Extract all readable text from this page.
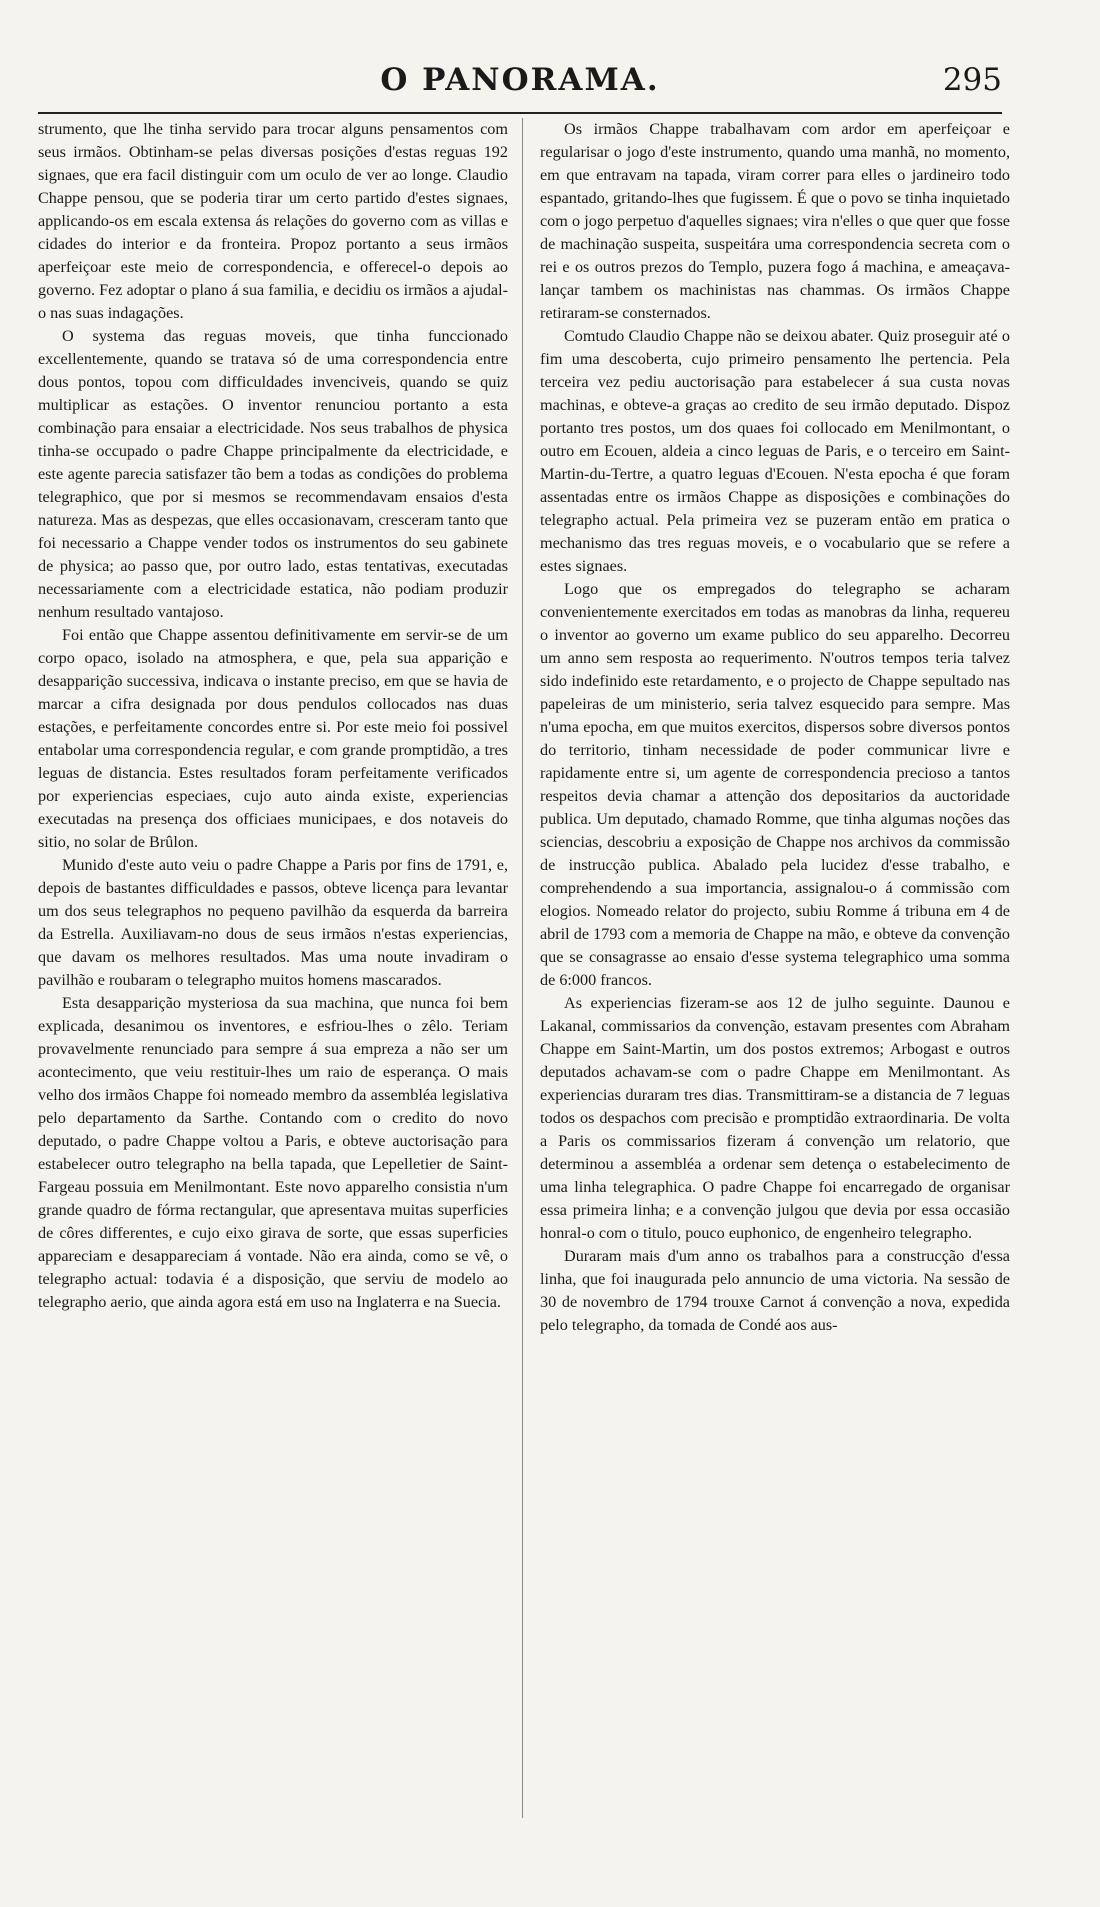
O PANORAMA.	295

strumento, que lhe tinha servido para trocar alguns pensamentos com seus irmãos. Obtinham-se pelas diversas posições d'estas reguas 192 signaes, que era facil distinguir com um oculo de ver ao longe. Claudio Chappe pensou, que se poderia tirar um certo partido d'estes signaes, applicando-os em escala extensa ás relações do governo com as villas e cidades do interior e da fronteira. Propoz portanto a seus irmãos aperfeiçoar este meio de correspondencia, e offerecel-o depois ao governo. Fez adoptar o plano á sua familia, e decidiu os irmãos a ajudal-o nas suas indagações.

O systema das reguas moveis, que tinha funccionado excellentemente, quando se tratava só de uma correspondencia entre dous pontos, topou com difficuldades invenciveis, quando se quiz multiplicar as estações. O inventor renunciou portanto a esta combinação para ensaiar a electricidade. Nos seus trabalhos de physica tinha-se occupado o padre Chappe principalmente da electricidade, e este agente parecia satisfazer tão bem a todas as condições do problema telegraphico, que por si mesmos se recommendavam ensaios d'esta natureza. Mas as despezas, que elles occasionavam, cresceram tanto que foi necessario a Chappe vender todos os instrumentos do seu gabinete de physica; ao passo que, por outro lado, estas tentativas, executadas necessariamente com a electricidade estatica, não podiam produzir nenhum resultado vantajoso.

Foi então que Chappe assentou definitivamente em servir-se de um corpo opaco, isolado na atmosphera, e que, pela sua apparição e desapparição successiva, indicava o instante preciso, em que se havia de marcar a cifra designada por dous pendulos collocados nas duas estações, e perfeitamente concordes entre si. Por este meio foi possivel entabolar uma correspondencia regular, e com grande promptidão, a tres leguas de distancia. Estes resultados foram perfeitamente verificados por experiencias especiaes, cujo auto ainda existe, experiencias executadas na presença dos officiaes municipaes, e dos notaveis do sitio, no solar de Brûlon.

Munido d'este auto veiu o padre Chappe a Paris por fins de 1791, e, depois de bastantes difficuldades e passos, obteve licença para levantar um dos seus telegraphos no pequeno pavilhão da esquerda da barreira da Estrella. Auxiliavam-no dous de seus irmãos n'estas experiencias, que davam os melhores resultados. Mas uma noute invadiram o pavilhão e roubaram o telegrapho muitos homens mascarados.

Esta desapparição mysteriosa da sua machina, que nunca foi bem explicada, desanimou os inventores, e esfriou-lhes o zêlo. Teriam provavelmente renunciado para sempre á sua empreza a não ser um acontecimento, que veiu restituir-lhes um raio de esperança. O mais velho dos irmãos Chappe foi nomeado membro da assembléa legislativa pelo departamento da Sarthe. Contando com o credito do novo deputado, o padre Chappe voltou a Paris, e obteve auctorisação para estabelecer outro telegrapho na bella tapada, que Lepelletier de Saint-Fargeau possuia em Menilmontant. Este novo apparelho consistia n'um grande quadro de fórma rectangular, que apresentava muitas superficies de côres differentes, e cujo eixo girava de sorte, que essas superficies appareciam e desappareciam á vontade. Não era ainda, como se vê, o telegrapho actual: todavia é a disposição, que serviu de modelo ao telegrapho aerio, que ainda agora está em uso na Inglaterra e na Suecia.

Os irmãos Chappe trabalhavam com ardor em aperfeiçoar e regularisar o jogo d'este instrumento, quando uma manhã, no momento, em que entravam na tapada, viram correr para elles o jardineiro todo espantado, gritando-lhes que fugissem. É que o povo se tinha inquietado com o jogo perpetuo d'aquelles signaes; vira n'elles o que quer que fosse de machinação suspeita, suspeitára uma correspondencia secreta com o rei e os outros prezos do Templo, puzera fogo á machina, e ameaçava-lançar tambem os machinistas nas chammas. Os irmãos Chappe retiraram-se consternados.

Comtudo Claudio Chappe não se deixou abater. Quiz proseguir até o fim uma descoberta, cujo primeiro pensamento lhe pertencia. Pela terceira vez pediu auctorisação para estabelecer á sua custa novas machinas, e obteve-a graças ao credito de seu irmão deputado. Dispoz portanto tres postos, um dos quaes foi collocado em Menilmontant, o outro em Ecouen, aldeia a cinco leguas de Paris, e o terceiro em Saint-Martin-du-Tertre, a quatro leguas d'Ecouen. N'esta epocha é que foram assentadas entre os irmãos Chappe as disposições e combinações do telegrapho actual. Pela primeira vez se puzeram então em pratica o mechanismo das tres reguas moveis, e o vocabulario que se refere a estes signaes.

Logo que os empregados do telegrapho se acharam convenientemente exercitados em todas as manobras da linha, requereu o inventor ao governo um exame publico do seu apparelho. Decorreu um anno sem resposta ao requerimento. N'outros tempos teria talvez sido indefinido este retardamento, e o projecto de Chappe sepultado nas papeleiras de um ministerio, seria talvez esquecido para sempre. Mas n'uma epocha, em que muitos exercitos, dispersos sobre diversos pontos do territorio, tinham necessidade de poder communicar livre e rapidamente entre si, um agente de correspondencia precioso a tantos respeitos devia chamar a attenção dos depositarios da auctoridade publica. Um deputado, chamado Romme, que tinha algumas noções das sciencias, descobriu a exposição de Chappe nos archivos da commissão de instrucção publica. Abalado pela lucidez d'esse trabalho, e comprehendendo a sua importancia, assignalou-o á commissão com elogios. Nomeado relator do projecto, subiu Romme á tribuna em 4 de abril de 1793 com a memoria de Chappe na mão, e obteve da convenção que se consagrasse ao ensaio d'esse systema telegraphico uma somma de 6:000 francos.

As experiencias fizeram-se aos 12 de julho seguinte. Daunou e Lakanal, commissarios da convenção, estavam presentes com Abraham Chappe em Saint-Martin, um dos postos extremos; Arbogast e outros deputados achavam-se com o padre Chappe em Menilmontant. As experiencias duraram tres dias. Transmittiram-se a distancia de 7 leguas todos os despachos com precisão e promptidão extraordinaria. De volta a Paris os commissarios fizeram á convenção um relatorio, que determinou a assembléa a ordenar sem detença o estabelecimento de uma linha telegraphica. O padre Chappe foi encarregado de organisar essa primeira linha; e a convenção julgou que devia por essa occasião honral-o com o titulo, pouco euphonico, de engenheiro telegrapho.

Duraram mais d'um anno os trabalhos para a construcção d'essa linha, que foi inaugurada pelo annuncio de uma victoria. Na sessão de 30 de novembro de 1794 trouxe Carnot á convenção a nova, expedida pelo telegrapho, da tomada de Condé aos aus-
